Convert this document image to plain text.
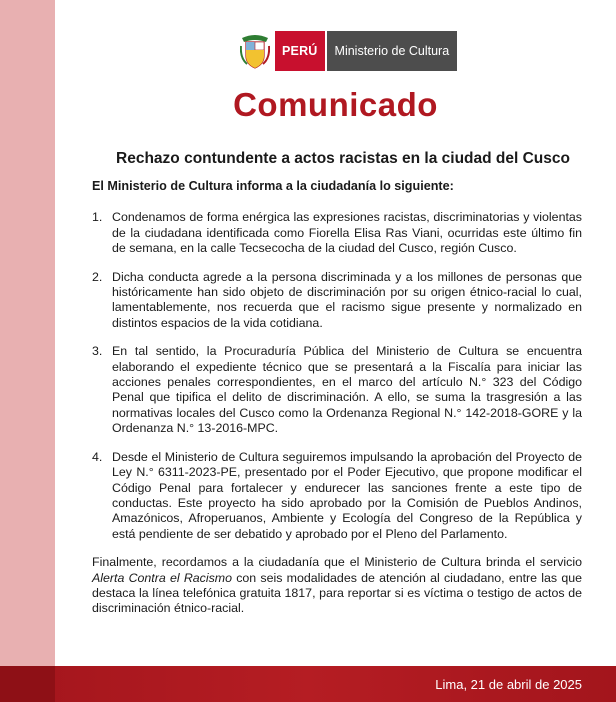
PERÚ	Ministerio de Cultura
Comunicado
Rechazo contundente a actos racistas en la ciudad del Cusco

El Ministerio de Cultura informa a la ciudadanía lo siguiente:

1. Condenamos de forma enérgica las expresiones racistas, discriminatorias y violentas de la ciudadana identificada como Fiorella Elisa Ras Viani, ocurridas este último fin de semana, en la calle Tecsecocha de la ciudad del Cusco, región Cusco.
2. Dicha conducta agrede a la persona discriminada y a los millones de personas que históricamente han sido objeto de discriminación por su origen étnico-racial lo cual, lamentablemente, nos recuerda que el racismo sigue presente y normalizado en distintos espacios de la vida cotidiana.
3. En tal sentido, la Procuraduría Pública del Ministerio de Cultura se encuentra elaborando el expediente técnico que se presentará a la Fiscalía para iniciar las acciones penales correspondientes, en el marco del artículo N.° 323 del Código Penal que tipifica el delito de discriminación. A ello, se suma la trasgresión a las normativas locales del Cusco como la Ordenanza Regional N.° 142-2018-GORE y la Ordenanza N.° 13-2016-MPC.
4. Desde el Ministerio de Cultura seguiremos impulsando la aprobación del Proyecto de Ley N.° 6311-2023-PE, presentado por el Poder Ejecutivo, que propone modificar el Código Penal para fortalecer y endurecer las sanciones frente a este tipo de conductas. Este proyecto ha sido aprobado por la Comisión de Pueblos Andinos, Amazónicos, Afroperuanos, Ambiente y Ecología del Congreso de la República y está pendiente de ser debatido y aprobado por el Pleno del Parlamento.

Finalmente, recordamos a la ciudadanía que el Ministerio de Cultura brinda el servicio Alerta Contra el Racismo con seis modalidades de atención al ciudadano, entre las que destaca la línea telefónica gratuita 1817, para reportar si es víctima o testigo de actos de discriminación étnico-racial.

Lima, 21 de abril de 2025
